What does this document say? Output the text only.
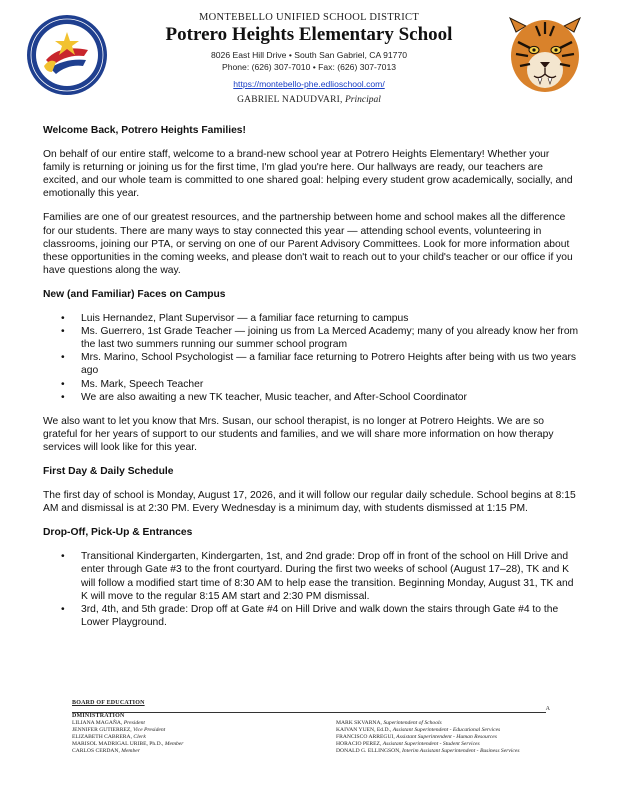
MONTEBELLO UNIFIED SCHOOL DISTRICT
Potrero Heights Elementary School
8026 East Hill Drive • South San Gabriel, CA 91770
Phone: (626) 307-7010 • Fax: (626) 307-7013
https://montebello-phe.edlioschool.com/
GABRIEL NADUDVARI, Principal
Welcome Back, Potrero Heights Families!

On behalf of our entire staff, welcome to a brand-new school year at Potrero Heights Elementary! Whether your family is returning or joining us for the first time, I'm glad you're here. Our hallways are ready, our teachers are excited, and our whole team is committed to one shared goal: helping every student grow academically, socially, and emotionally this year.

Families are one of our greatest resources, and the partnership between home and school makes all the difference for our students. There are many ways to stay connected this year — attending school events, volunteering in classrooms, joining our PTA, or serving on one of our Parent Advisory Committees. Look for more information about these opportunities in the coming weeks, and please don't wait to reach out to your child's teacher or our office if you have questions along the way.

New (and Familiar) Faces on Campus
• Luis Hernandez, Plant Supervisor — a familiar face returning to campus
• Ms. Guerrero, 1st Grade Teacher — joining us from La Merced Academy; many of you already know her from the last two summers running our summer school program
• Mrs. Marino, School Psychologist — a familiar face returning to Potrero Heights after being with us two years ago
• Ms. Mark, Speech Teacher
• We are also awaiting a new TK teacher, Music teacher, and After-School Coordinator

We also want to let you know that Mrs. Susan, our school therapist, is no longer at Potrero Heights. We are so grateful for her years of support to our students and families, and we will share more information on how therapy services will look like for this year.

First Day & Daily Schedule

The first day of school is Monday, August 17, 2026, and it will follow our regular daily schedule. School begins at 8:15 AM and dismissal is at 2:30 PM. Every Wednesday is a minimum day, with students dismissed at 1:15 PM.

Drop-Off, Pick-Up & Entrances
• Transitional Kindergarten, Kindergarten, 1st, and 2nd grade: Drop off in front of the school on Hill Drive and enter through Gate #3 to the front courtyard. During the first two weeks of school (August 17–28), TK and K will follow a modified start time of 8:30 AM to help ease the transition. Beginning Monday, August 31, TK and K will move to the regular 8:15 AM start and 2:30 PM dismissal.
• 3rd, 4th, and 5th grade: Drop off at Gate #4 on Hill Drive and walk down the stairs through Gate #4 to the Lower Playground.
BOARD OF EDUCATION
DMINISTRATION
A
LILIANA MAGAÑA, President
JENNIFER GUTIERREZ, Vice President
ELIZABETH CABRERA, Clerk
MARISOL MADRIGAL URIBE, Ph.D., Member
CARLOS CERDAN, Member
MARK SKVARNA, Superintendent of Schools
KAIVAN YUEN, Ed.D., Assistant Superintendent - Educational Services
FRANCISCO ARREGUI, Assistant Superintendent - Human Resources
HORACIO PEREZ, Assistant Superintendent - Student Services
DONALD G. ELLINGSON, Interim Assistant Superintendent - Business Services
